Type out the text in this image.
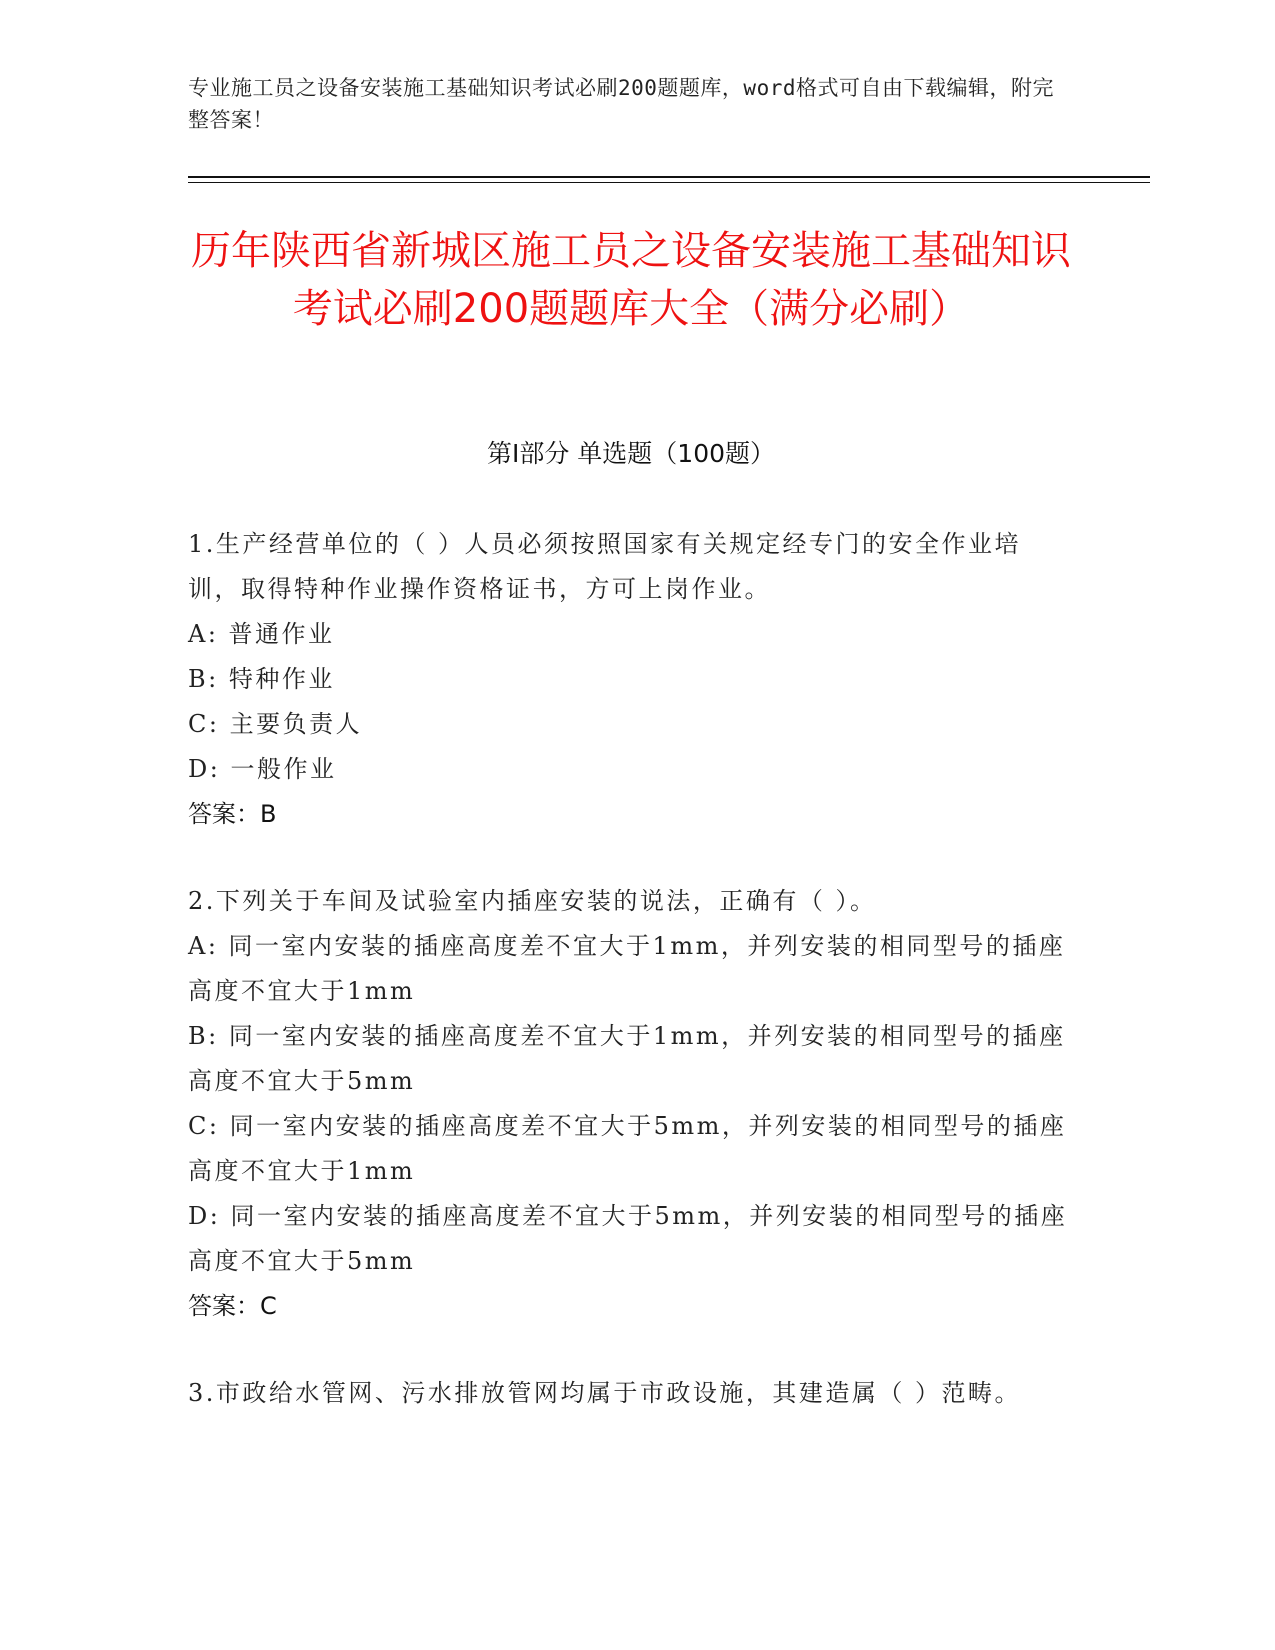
专业施工员之设备安装施工基础知识考试必刷200题题库，word格式可自由下载编辑，附完整答案！
历年陕西省新城区施工员之设备安装施工基础知识考试必刷200题题库大全（满分必刷）
第Ⅰ部分 单选题（100题）

1.生产经营单位的（ ）人员必须按照国家有关规定经专门的安全作业培训，取得特种作业操作资格证书，方可上岗作业。

A: 普通作业

B: 特种作业

C: 主要负责人

D: 一般作业

答案：B

2.下列关于车间及试验室内插座安装的说法，正确有（ ）。

A: 同一室内安装的插座高度差不宜大于1mm，并列安装的相同型号的插座高度不宜大于1mm

B: 同一室内安装的插座高度差不宜大于1mm，并列安装的相同型号的插座高度不宜大于5mm

C: 同一室内安装的插座高度差不宜大于5mm，并列安装的相同型号的插座高度不宜大于1mm

D: 同一室内安装的插座高度差不宜大于5mm，并列安装的相同型号的插座高度不宜大于5mm

答案：C

3.市政给水管网、污水排放管网均属于市政设施，其建造属（ ）范畴。
